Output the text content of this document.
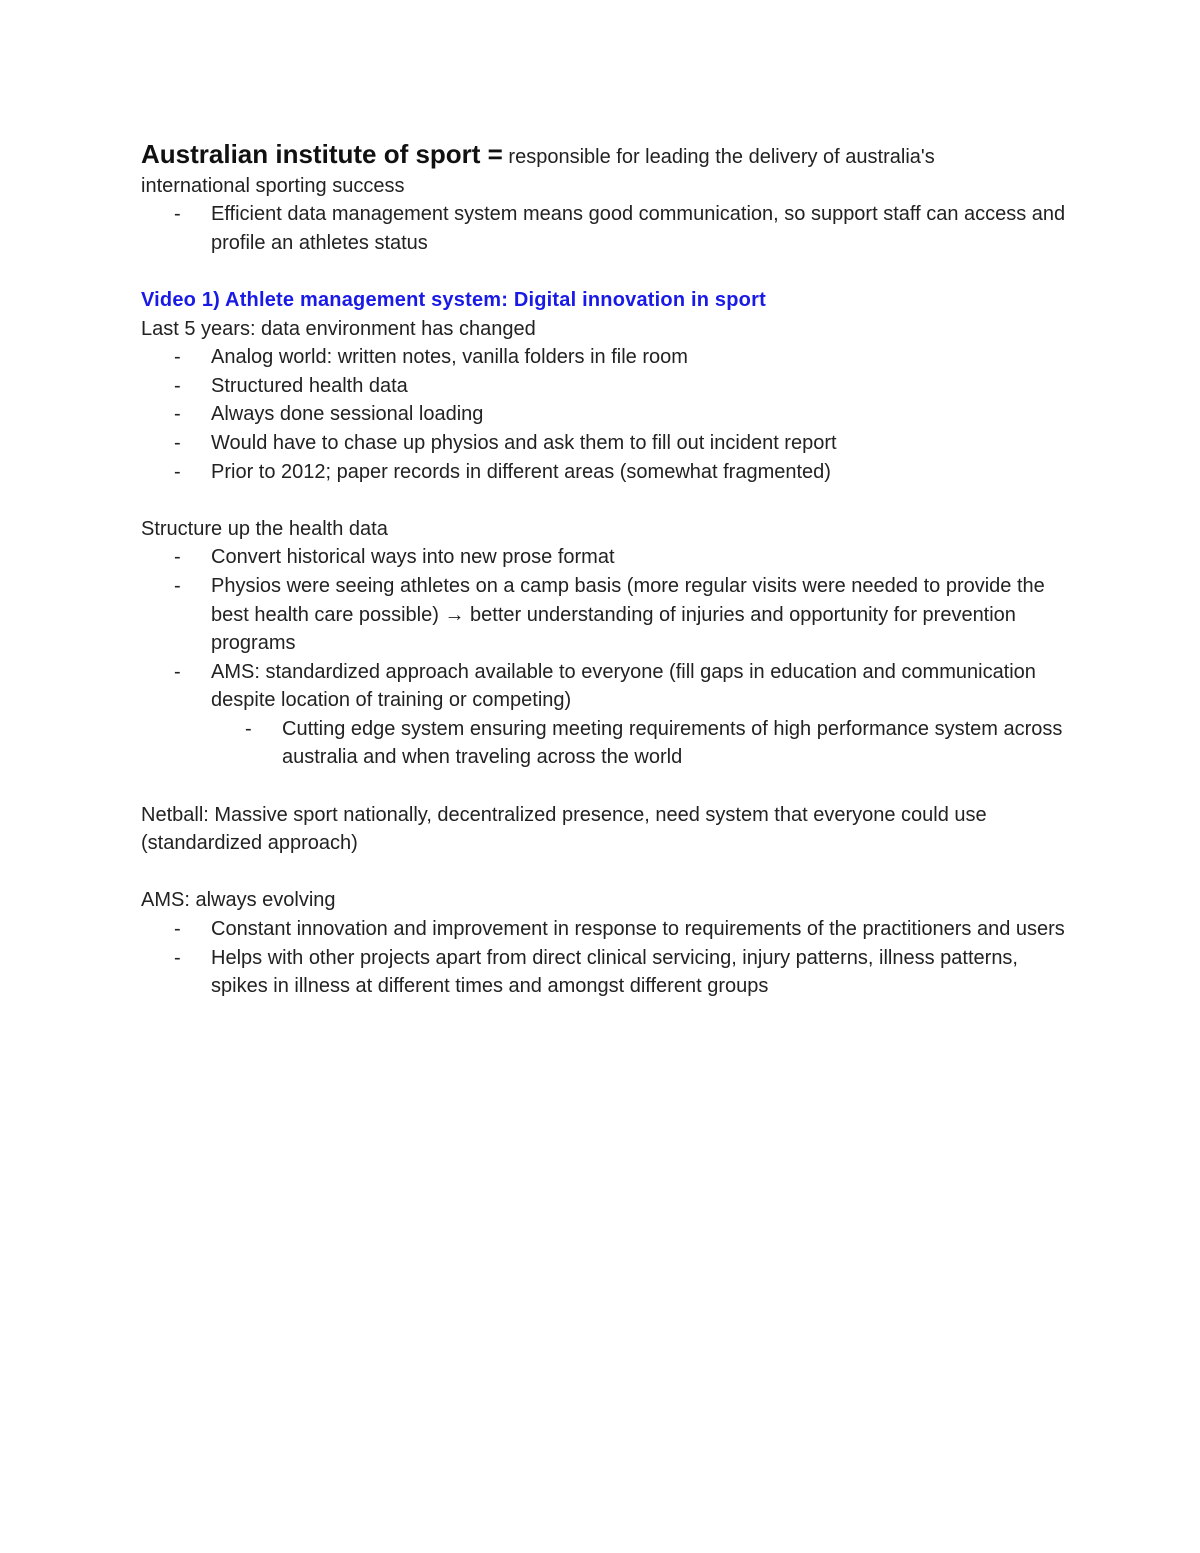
Australian institute of sport = responsible for leading the delivery of australia's

international sporting success

- Efficient data management system means good communication, so support staff can access and profile an athletes status

Video 1) Athlete management system: Digital innovation in sport

Last 5 years: data environment has changed

- Analog world: written notes, vanilla folders in file room
- Structured health data
- Always done sessional loading
- Would have to chase up physios and ask them to fill out incident report
- Prior to 2012; paper records in different areas (somewhat fragmented)

Structure up the health data

- Convert historical ways into new prose format
- Physios were seeing athletes on a camp basis (more regular visits were needed to provide the best health care possible) → better understanding of injuries and opportunity for prevention programs
- AMS: standardized approach available to everyone (fill gaps in education and communication despite location of training or competing)
- Cutting edge system ensuring meeting requirements of high performance system across australia and when traveling across the world

Netball: Massive sport nationally, decentralized presence, need system that everyone could use (standardized approach)

AMS: always evolving

- Constant innovation and improvement in response to requirements of the practitioners and users
- Helps with other projects apart from direct clinical servicing, injury patterns, illness patterns, spikes in illness at different times and amongst different groups
